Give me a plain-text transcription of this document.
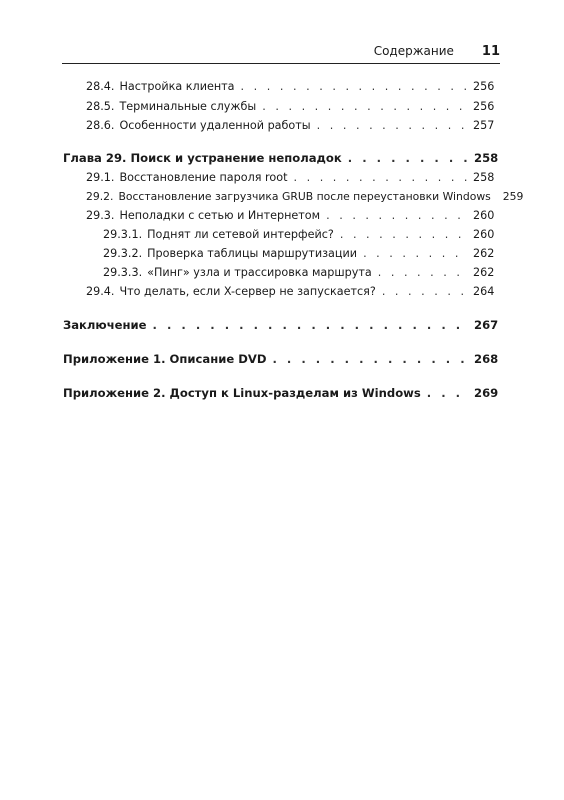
Содержание 11
28.4. Настройка клиента . . .	256
28.5. Терминальные службы . . .	256
28.6. Особенности удаленной работы . . .	257
Глава 29. Поиск и устранение неполадок . . .	258
29.1. Восстановление пароля root . . .	258
29.2. Восстановление загрузчика GRUB после переустановки Windows 259
29.3. Неполадки с сетью и Интернетом . . .	260
29.3.1. Поднят ли сетевой интерфейс? . . .	260
29.3.2. Проверка таблицы маршрутизации . . .	262
29.3.3. «Пинг» узла и трассировка маршрута . . .	262
29.4. Что делать, если X-сервер не запускается? . . .	264
Заключение . . .	267
Приложение 1. Описание DVD . . .	268
Приложение 2. Доступ к Linux-разделам из Windows . . .	269
